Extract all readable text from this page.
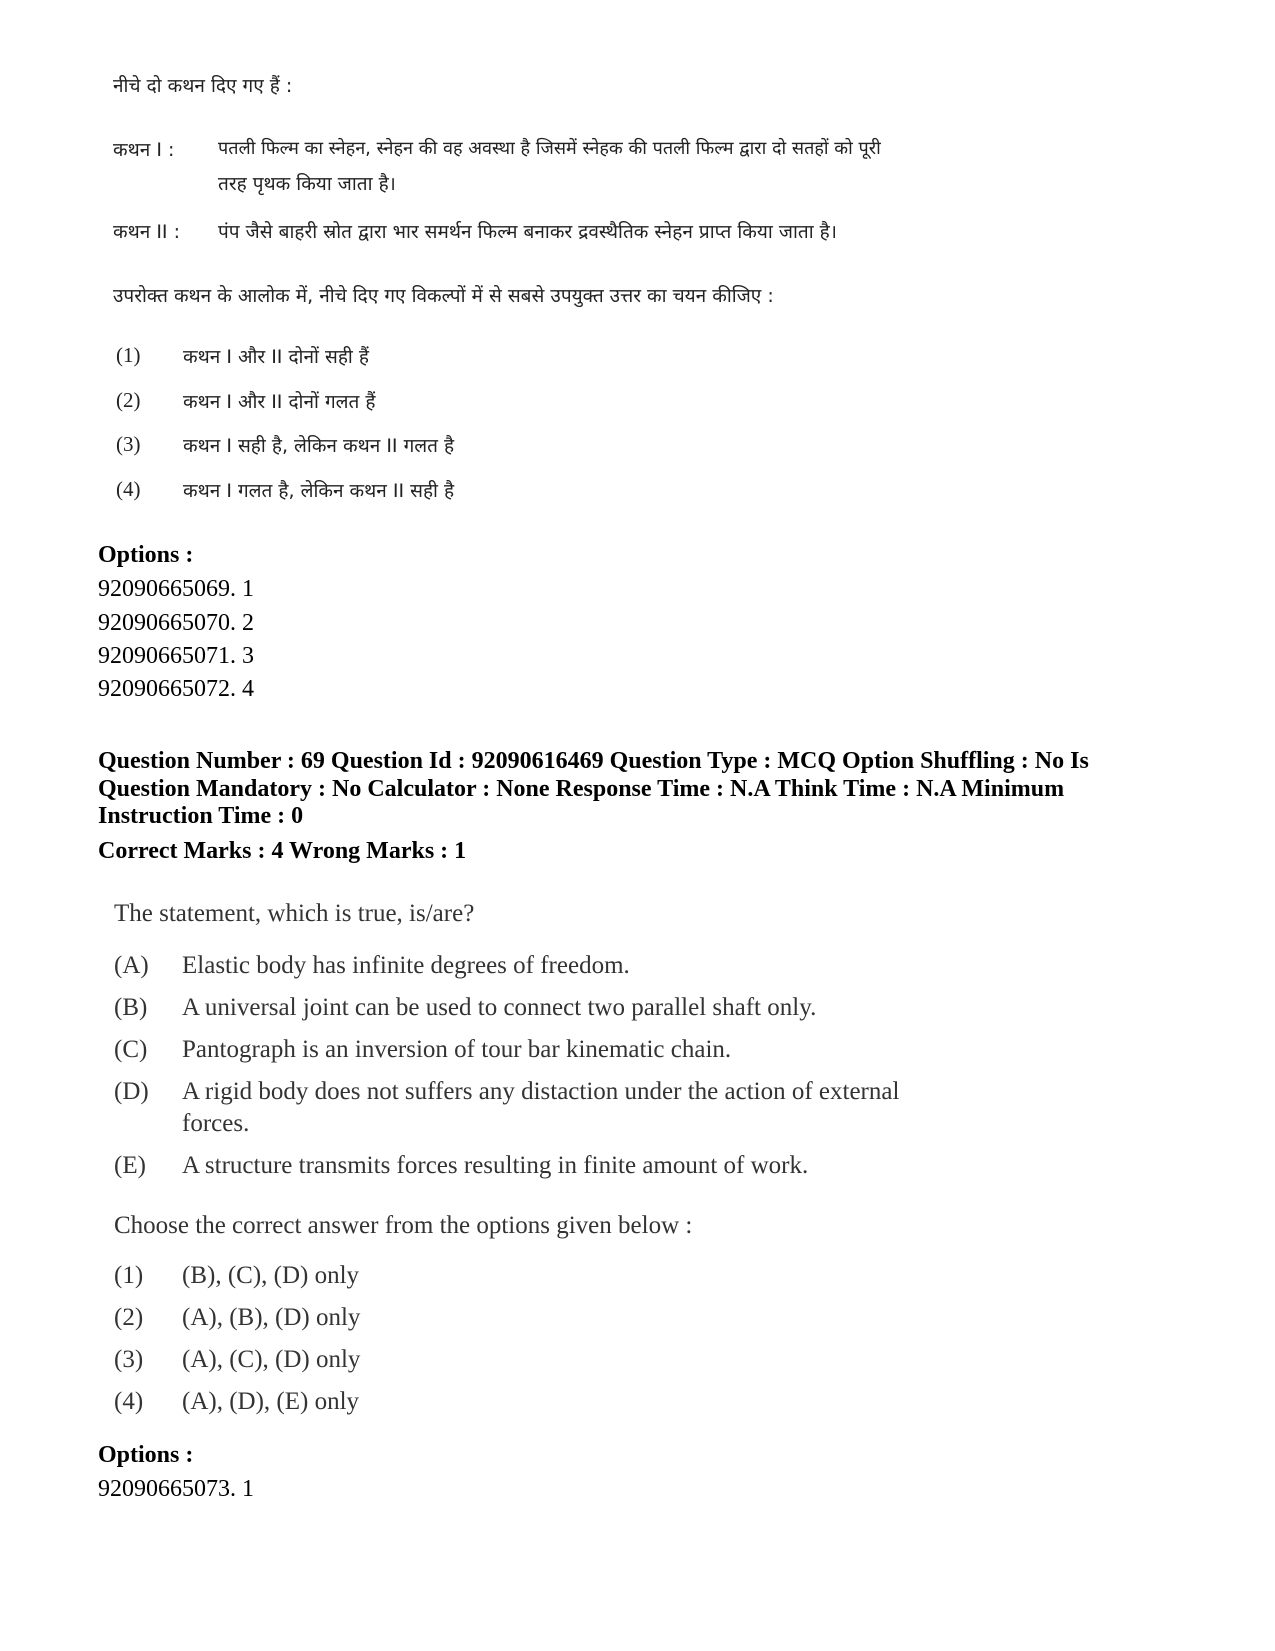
नीचे दो कथन दिए गए हैं :
कथन I : पतली फिल्म का स्नेहन, स्नेहन की वह अवस्था है जिसमें स्नेहक की पतली फिल्म द्वारा दो सतहों को पूरी
तरह पृथक किया जाता है।
कथन II : पंप जैसे बाहरी स्रोत द्वारा भार समर्थन फिल्म बनाकर द्रवस्थैतिक स्नेहन प्राप्त किया जाता है।
उपरोक्त कथन के आलोक में, नीचे दिए गए विकल्पों में से सबसे उपयुक्त उत्तर का चयन कीजिए :
(1) कथन I और II दोनों सही हैं
(2) कथन I और II दोनों गलत हैं
(3) कथन I सही है, लेकिन कथन II गलत है
(4) कथन I गलत है, लेकिन कथन II सही है
Options :
92090665069. 1
92090665070. 2
92090665071. 3
92090665072. 4
Question Number : 69 Question Id : 92090616469 Question Type : MCQ Option Shuffling : No Is
Question Mandatory : No Calculator : None Response Time : N.A Think Time : N.A Minimum
Instruction Time : 0
Correct Marks : 4 Wrong Marks : 1
The statement, which is true, is/are?
(A) Elastic body has infinite degrees of freedom.
(B) A universal joint can be used to connect two parallel shaft only.
(C) Pantograph is an inversion of tour bar kinematic chain.
(D) A rigid body does not suffers any distaction under the action of external
forces.
(E) A structure transmits forces resulting in finite amount of work.
Choose the correct answer from the options given below :
(1) (B), (C), (D) only
(2) (A), (B), (D) only
(3) (A), (C), (D) only
(4) (A), (D), (E) only
Options :
92090665073. 1
